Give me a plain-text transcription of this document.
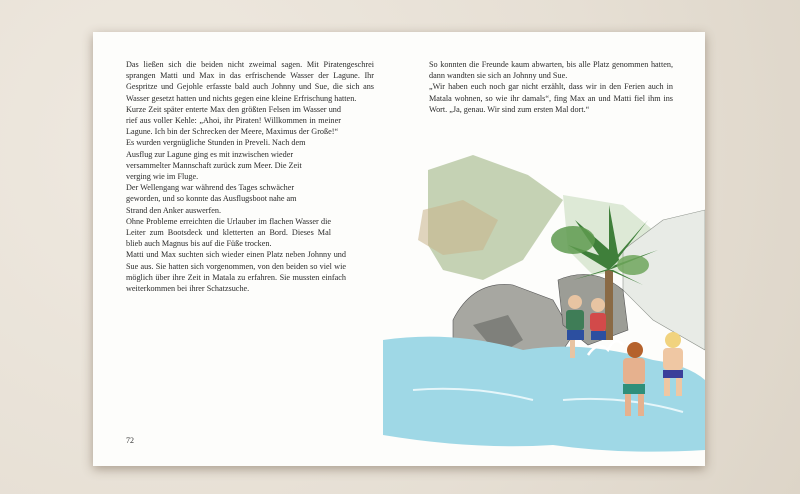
Das ließen sich die beiden nicht zweimal sagen. Mit Piratengeschrei sprangen Matti und Max in das erfrischende Wasser der Lagune. Ihr Gespritze und Gejohle erfasste bald auch Johnny und Sue, die sich ans Wasser gesetzt hatten und nichts gegen eine kleine Erfrischung hatten.

Kurze Zeit später enterte Max den größten Felsen im Wasser und rief aus voller Kehle: „Ahoi, ihr Piraten! Willkommen in meiner Lagune. Ich bin der Schrecken der Meere, Maximus der Große!“

Es wurden vergnügliche Stunden in Preveli. Nach dem Ausflug zur Lagune ging es mit inzwischen wieder versammelter Mannschaft zurück zum Meer. Die Zeit verging wie im Fluge.

Der Wellengang war während des Tages schwächer geworden, und so konnte das Ausflugsboot nahe am Strand den Anker auswerfen.

Ohne Probleme erreichten die Urlauber im flachen Wasser die Leiter zum Bootsdeck und kletterten an Bord. Dieses Mal blieb auch Magnus bis auf die Füße trocken.

Matti und Max suchten sich wieder einen Platz neben Johnny und Sue aus. Sie hatten sich vorgenommen, von den beiden so viel wie möglich über ihre Zeit in Matala zu erfahren. Sie mussten einfach weiterkommen bei ihrer Schatzsuche.

72

So konnten die Freunde kaum abwarten, bis alle Platz genommen hatten, dann wandten sie sich an Johnny und Sue.

„Wir haben euch noch gar nicht erzählt, dass wir in den Ferien auch in Matala wohnen, so wie ihr damals“, fing Max an und Matti fiel ihm ins Wort. „Ja, genau. Wir sind zum ersten Mal dort.“
